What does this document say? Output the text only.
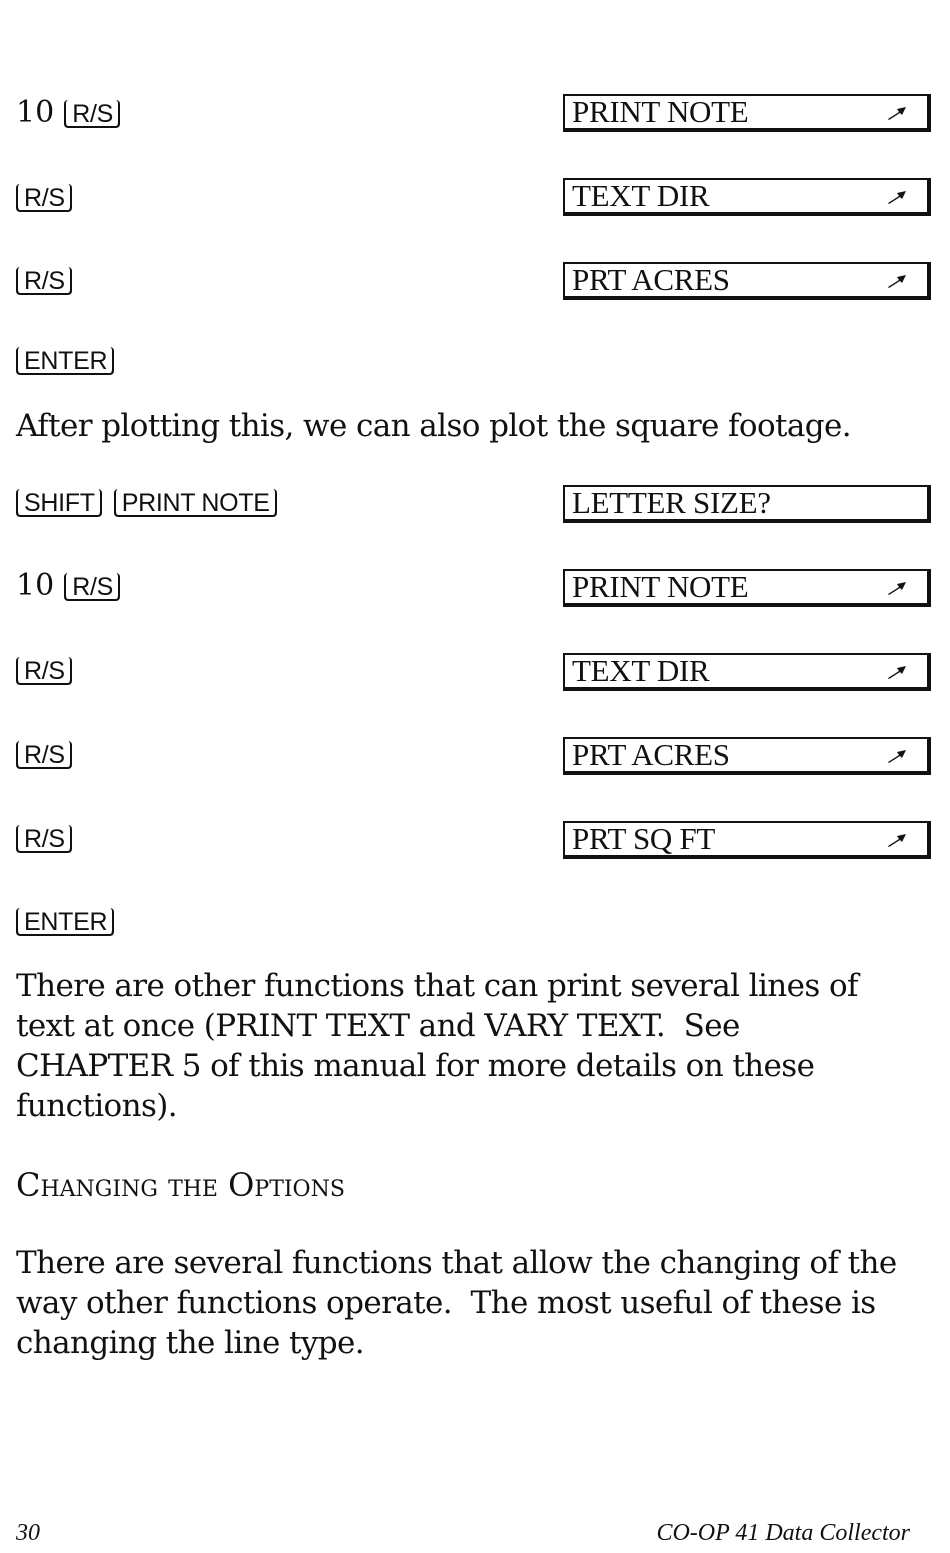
10 R/S	PRINT NOTE
R/S	TEXT DIR
R/S	PRT ACRES
ENTER
After plotting this, we can also plot the square footage.
SHIFT PRINT NOTE	LETTER SIZE?
10 R/S	PRINT NOTE
R/S	TEXT DIR
R/S	PRT ACRES
R/S	PRT SQ FT
ENTER
There are other functions that can print several lines of
text at once (PRINT TEXT and VARY TEXT.  See
CHAPTER 5 of this manual for more details on these
functions).
Changing the Options
There are several functions that allow the changing of the
way other functions operate.  The most useful of these is
changing the line type.
30	CO-OP 41 Data Collector
